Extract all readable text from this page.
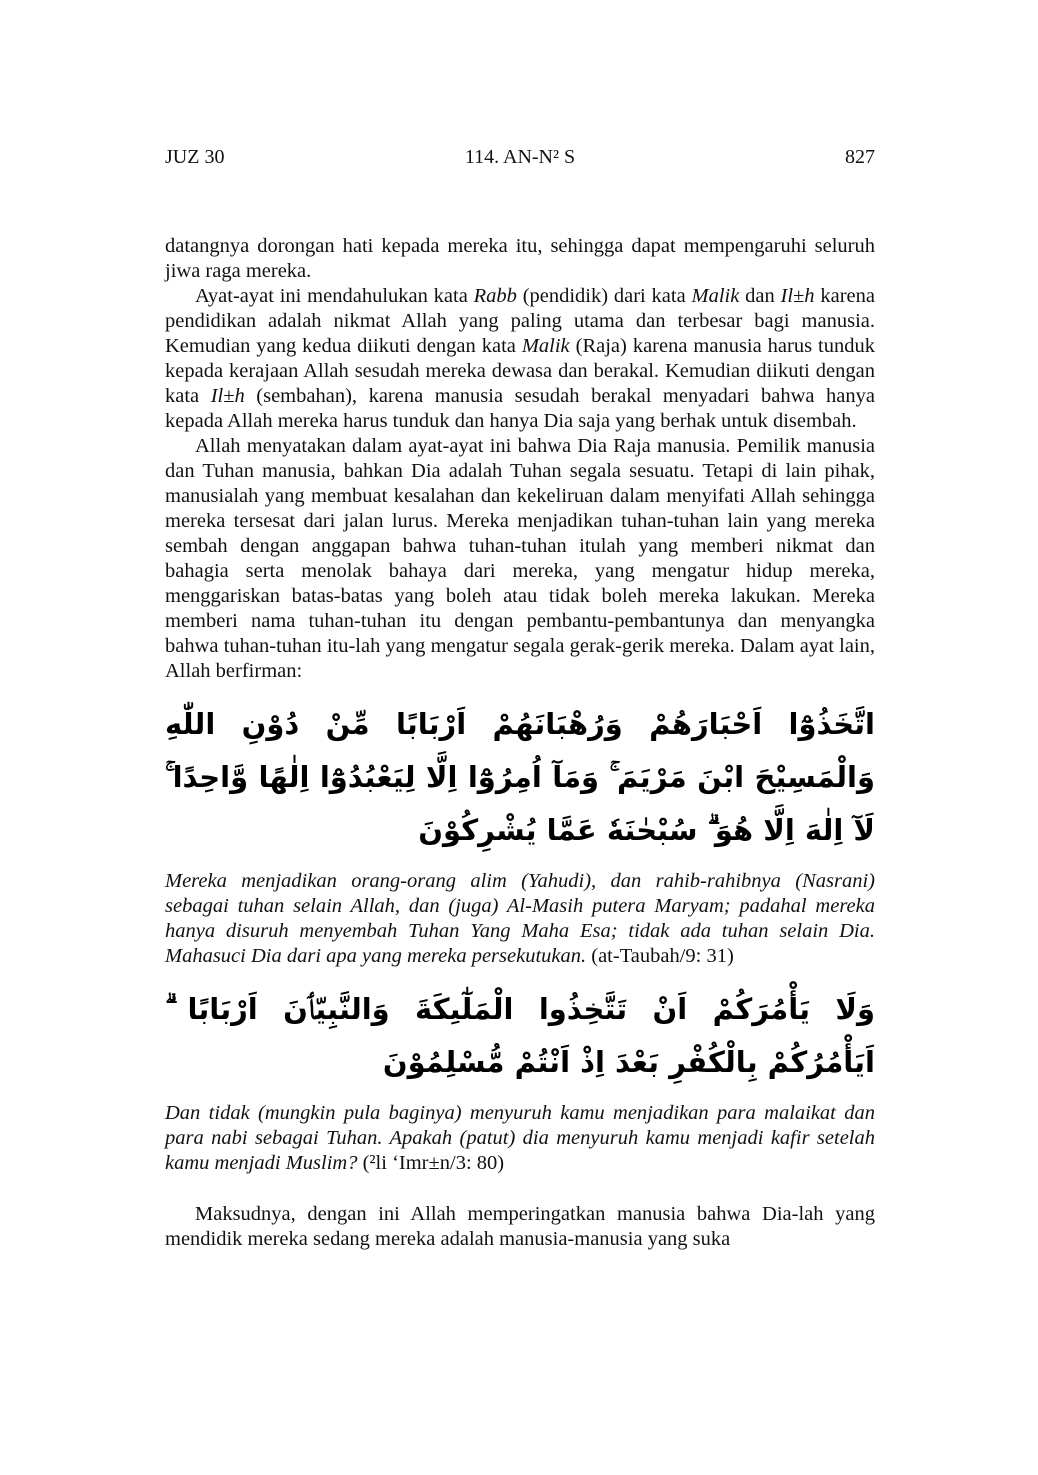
JUZ 30	114. AN-N² S	827

datangnya dorongan hati kepada mereka itu, sehingga dapat mempengaruhi seluruh jiwa raga mereka.

Ayat-ayat ini mendahulukan kata Rabb (pendidik) dari kata Malik dan Il±h karena pendidikan adalah nikmat Allah yang paling utama dan terbesar bagi manusia. Kemudian yang kedua diikuti dengan kata Malik (Raja) karena manusia harus tunduk kepada kerajaan Allah sesudah mereka dewasa dan berakal. Kemudian diikuti dengan kata Il±h (sembahan), karena manusia sesudah berakal menyadari bahwa hanya kepada Allah mereka harus tunduk dan hanya Dia saja yang berhak untuk disembah.

Allah menyatakan dalam ayat-ayat ini bahwa Dia Raja manusia. Pemilik manusia dan Tuhan manusia, bahkan Dia adalah Tuhan segala sesuatu. Tetapi di lain pihak, manusialah yang membuat kesalahan dan kekeliruan dalam menyifati Allah sehingga mereka tersesat dari jalan lurus. Mereka menjadikan tuhan-tuhan lain yang mereka sembah dengan anggapan bahwa tuhan-tuhan itulah yang memberi nikmat dan bahagia serta menolak bahaya dari mereka, yang mengatur hidup mereka, menggariskan batas-batas yang boleh atau tidak boleh mereka lakukan. Mereka memberi nama tuhan-tuhan itu dengan pembantu-pembantunya dan menyangka bahwa tuhan-tuhan itu-lah yang mengatur segala gerak-gerik mereka. Dalam ayat lain, Allah berfirman:

اتَّخَذُوْٓا اَحْبَارَهُمْ وَرُهْبَانَهُمْ اَرْبَابًا مِّنْ دُوْنِ اللّٰهِ وَالْمَسِيْحَ ابْنَ مَرْيَمَ ۚ وَمَآ اُمِرُوْٓا اِلَّا لِيَعْبُدُوْٓا اِلٰهًا وَّاحِدًا ۚ لَآ اِلٰهَ اِلَّا هُوَ ۗ سُبْحٰنَهٗ عَمَّا يُشْرِكُوْنَ

Mereka menjadikan orang-orang alim (Yahudi), dan rahib-rahibnya (Nasrani) sebagai tuhan selain Allah, dan (juga) Al-Masih putera Maryam; padahal mereka hanya disuruh menyembah Tuhan Yang Maha Esa; tidak ada tuhan selain Dia. Mahasuci Dia dari apa yang mereka persekutukan. (at-Taubah/9: 31)

وَلَا يَأْمُرَكُمْ اَنْ تَتَّخِذُوا الْمَلٰٓىِكَةَ وَالنَّبِيّٲنَ اَرْبَابًا ۗ اَيَأْمُرُكُمْ بِالْكُفْرِ بَعْدَ اِذْ اَنْتُمْ مُّسْلِمُوْنَ

Dan tidak (mungkin pula baginya) menyuruh kamu menjadikan para malaikat dan para nabi sebagai Tuhan. Apakah (patut) dia menyuruh kamu menjadi kafir setelah kamu menjadi Muslim? (²li ‘Imr±n/3: 80)

Maksudnya, dengan ini Allah memperingatkan manusia bahwa Dia-lah yang mendidik mereka sedang mereka adalah manusia-manusia yang suka
